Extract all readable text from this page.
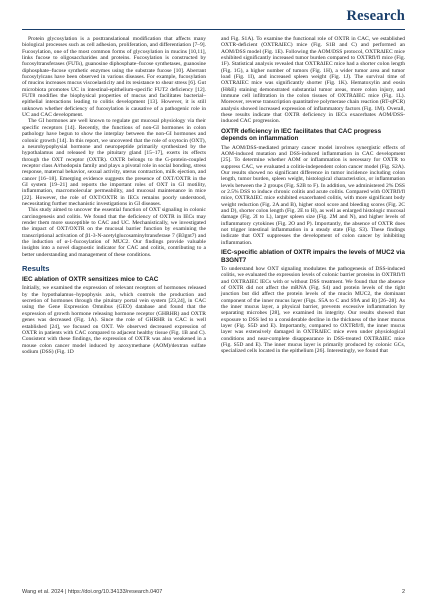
Research

Protein glycosylation is a posttranslational modification that affects many biological processes such as cell adhesion, proliferation, and differentiation [7–9]. Fucosylation, one of the most common forms of glycosylation in mucins [10,11], links fucose to oligosaccharides and proteins. Fucosylation is constructed by fucosyltransferases (FUTs), guanosine diphosphate–fucose synthetases, guanosine diphosphate–fucose synthetic enzymes using the substrate fucose [10]. Aberrant fucosylylcans have been observed in various diseases. For example, fucosylation of mucins increases mucus viscoelasticity and its resistance to shear stress [6]. Gut microbiota promotes UC in intestinal-epithelium-specific FUT2 deficiency [12]. FUT8 modifies the biophysical properties of mucus and facilitates bacterial–epithelial interactions leading to colitis development [13]. However, it is still unknown whether deficiency of fucosylation is causative of a pathogenic role in UC and CAC development.

The GI hormones are well known to regulate gut mucosal physiology via their specific receptors [14]. Recently, the functions of non-GI hormones in colon pathology have begun to show the interplay between the non-GI hormones and colonic growth [14]. In this report, we uncovered that the role of oxytocin (OXT), a neurohypophysial hormone and neuropeptide primarily synthesized by the hypothalamus and released by the pituitary gland [15–17], exerts its effects through the OXT receptor (OXTR). OXTR belongs to the G-protein-coupled receptor class A/rhodopsin family and plays a pivotal role in social bonding, stress response, maternal behavior, sexual activity, uterus contraction, milk ejection, and cancer [16–18]. Emerging evidence suggests the presence of OXT/OXTR in the GI system [19–21] and reports the important roles of OXT in GI motility, inflammation, macromolecular permeability, and mucosal maintenance in mice [22]. However, the role of OXT/OXTR in IECs remains poorly understood, necessitating further mechanistic investigations in GI diseases.

This study aimed to uncover the essential function of OXT signaling in colonic carcinogenesis and colitis. We found that the deficiency of OXTR in IECs may render them more susceptible to CAC and UC. Mechanistically, we investigated the impact of OXT/OXTR on the mucosal barrier function by examining the transcriptional activation of β1-3-N-acetylglucosaminyltransferase 7 (B3gnt7) and the induction of α-1-fucosylation of MUC2. Our findings provide valuable insights into a novel diagnostic indicator for CAC and colitis, contributing to a better understanding and management of these conditions.

Results
IEC ablation of OXTR sensitizes mice to CAC

Initially, we examined the expression of relevant receptors of hormones released by the hypothalamus–hypophysis axis, which controls the production and secretion of hormones through the pituitary portal vein system [23,24], in CAC using the Gene Expression Omnibus (GEO) database and found that the expression of growth hormone releasing hormone receptor (GHRHR) and OXTR genes was decreased (Fig. 1A). Since the role of GHRHR in CAC is well established [24], we focused on OXT. We observed decreased expression of OXTR in patients with CAC compared to adjacent healthy tissue (Fig. 1B and C). Consistent with these findings, the expression of OXTR was also weakened in a mouse colon cancer model induced by azoxymethane (AOM)/dextran sulfate sodium (DSS) (Fig. 1D

and Fig. S1A). To examine the functional role of OXTR in CAC, we established OXTR-deficient (OXTRΔIEC) mice (Fig. S1B and C) and performed an AOM/DSS model (Fig. 1E). Following the AOM/DSS protocol, OXTRΔIEC mice exhibited significantly increased tumor burden compared to OXTRfl/fl mice (Fig. 1F). Statistical analysis revealed that OXTRΔIEC mice had a shorter colon length (Fig. 1G), a higher number of tumors (Fig. 1H), a wider tumor area and tumor load (Fig. 1I), and increased spleen weight (Fig. 1J). The survival time of OXTRΔIEC mice was significantly shorter (Fig. 1K). Hematoxylin and eosin (H&E) staining demonstrated substantial tumor areas, more colon injury, and immune cell infiltration in the colon tissues of OXTRΔIEC mice (Fig. 1L). Moreover, reverse transcription quantitative polymerase chain reaction (RT-qPCR) analysis showed increased expression of inflammatory factors (Fig. 1M). Overall, these results indicate that OXTR deficiency in IECs exacerbates AOM/DSS-induced CAC progression.

OXTR deficiency in IEC facilitates that CAC progress depends on inflammation

The AOM/DSS-mediated primary cancer model involves synergistic effects of AOM-induced mutation and DSS-induced inflammation in CAC development [25]. To determine whether AOM or inflammation is necessary for OXTR to suppress CAC, we evaluated a colitis-independent colon cancer model (Fig. S2A). Our results showed no significant difference in tumor incidence including colon length, tumor burden, spleen weight, histological characteristics, or inflammation levels between the 2 groups (Fig. S2B to F). In addition, we administered 2% DSS or 2.5% DSS to induce chronic colitis and acute colitis. Compared with OXTRfl/fl mice, OXTRΔIEC mice exhibited exacerbated colitis, with more significant body weight reduction (Fig. 2A and B), higher stool score and bleeding scores (Fig. 2C and D), shorter colon length (Fig. 2E to H), as well as enlarged histologic mucosal damage (Fig. 2I to L), larger spleen size (Fig. 2M and N), and higher levels of inflammatory cytokines (Fig. 2O and P). Importantly, the absence of OXTR does not trigger intestinal inflammation in a steady state (Fig. S3). These findings indicate that OXT suppresses the development of colon cancer by inhibiting inflammation.

IEC-specific ablation of OXTR impairs the levels of MUC2 via B3GNT7

To understand how OXT signaling modulates the pathogenesis of DSS-induced colitis, we evaluated the expression levels of colonic barrier proteins in OXTRfl/fl and OXTRΔIEC IECs with or without DSS treatment. We found that the absence of OXTR did not affect the mRNA (Fig. S4) and protein levels of the tight junction but did affect the protein levels of the mucin MUC2, the dominant component of the inner mucus layer (Figs. S5A to C and S9A and B) [26–28]. As the inner mucus layer, a physical barrier, prevents excessive inflammation by separating microbes [28], we examined its integrity. Our results showed that exposure to DSS led to a considerable decline in the thickness of the inner mucus layer (Fig. S5D and E). Importantly, compared to OXTRfl/fl, the inner mucus layer was extensively damaged in OXTRΔIEC mice even under physiological conditions and near-complete disappearance in DSS-treated OXTRΔIEC mice (Fig. S5D and E). The inner mucus layer is primarily produced by colonic GCs, specialized cells located in the epithelium [26]. Interestingly, we found that

Wang et al. 2024 | https://doi.org/10.34133/research.0407	2
